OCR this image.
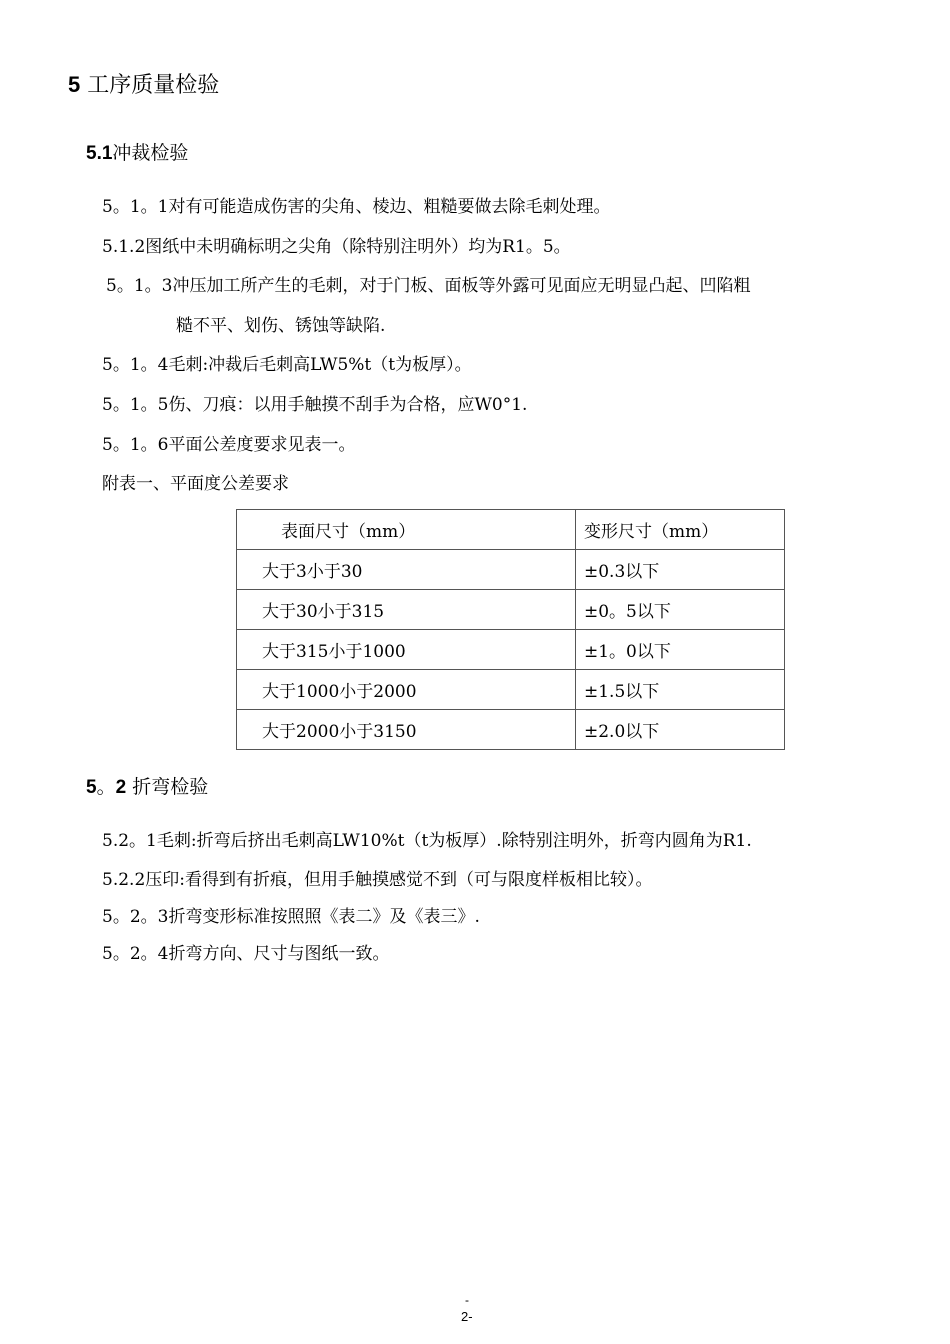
5 工序质量检验
5.1冲裁检验
5。1。1对有可能造成伤害的尖角、棱边、粗糙要做去除毛刺处理。
5.1.2图纸中未明确标明之尖角（除特别注明外）均为R1。5。
5。1。3冲压加工所产生的毛刺，对于门板、面板等外露可见面应无明显凸起、凹陷粗
糙不平、划伤、锈蚀等缺陷.
5。1。4毛刺:冲裁后毛刺高LW5%t（t为板厚）。
5。1。5伤、刀痕：以用手触摸不刮手为合格，应W0°1.
5。1。6平面公差度要求见表一。
附表一、平面度公差要求
表面尺寸（mm）	变形尺寸（mm）
大于3小于30	±0.3以下
大于30小于315	±0。5以下
大于315小于1000	±1。0以下
大于1000小于2000	±1.5以下
大于2000小于3150	±2.0以下
5。2 折弯检验
5.2。1毛刺:折弯后挤出毛刺高LW10%t（t为板厚）.除特别注明外，折弯内圆角为R1.
5.2.2压印:看得到有折痕，但用手触摸感觉不到（可与限度样板相比较）。
5。2。3折弯变形标准按照照《表二》及《表三》.
5。2。4折弯方向、尺寸与图纸一致。
-
2-
